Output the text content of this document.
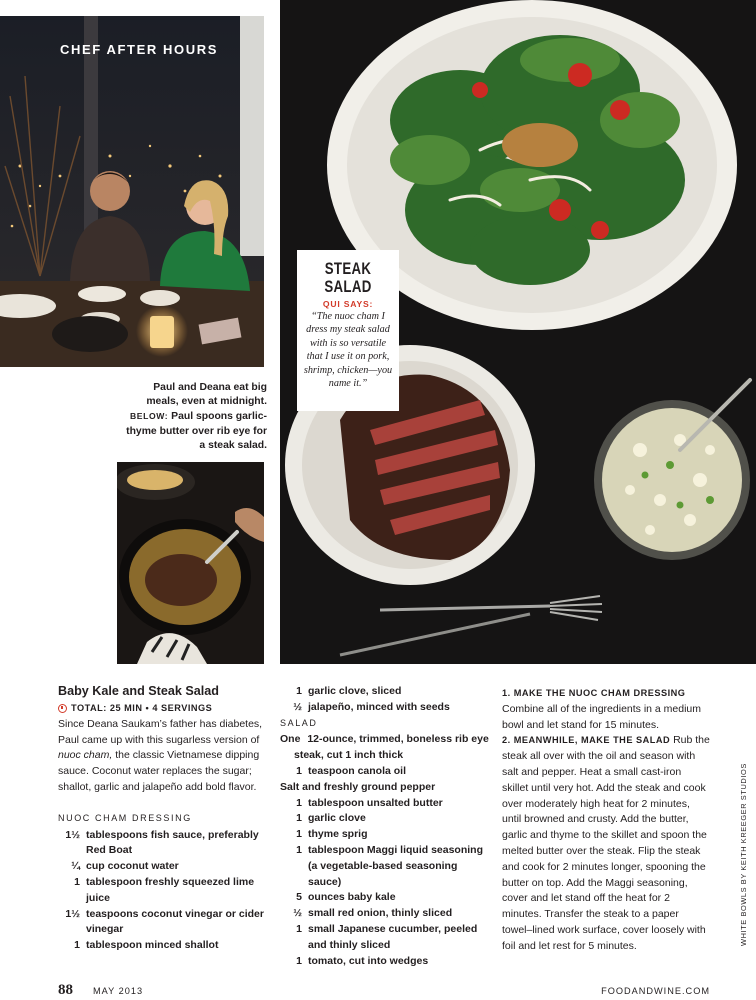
CHEF AFTER HOURS
STEAK
SALAD
QUI SAYS:
“The nuoc cham I dress my steak salad with is so versatile that I use it on pork, shrimp, chicken—you name it.”
Paul and Deana eat big meals, even at midnight. BELOW: Paul spoons garlic-thyme butter over rib eye for a steak salad.
Baby Kale and Steak Salad
TOTAL: 25 MIN • 4 SERVINGS
Since Deana Saukam’s father has diabetes, Paul came up with this sugarless version of nuoc cham, the classic Vietnamese dipping sauce. Coconut water replaces the sugar; shallot, garlic and jalapeño add bold flavor.
NUOC CHAM DRESSING
1½ tablespoons fish sauce, preferably Red Boat
¼ cup coconut water
1 tablespoon freshly squeezed lime juice
1½ teaspoons coconut vinegar or cider vinegar
1 tablespoon minced shallot
1 garlic clove, sliced
½ jalapeño, minced with seeds
SALAD
One 12-ounce, trimmed, boneless rib eye steak, cut 1 inch thick
1 teaspoon canola oil
Salt and freshly ground pepper
1 tablespoon unsalted butter
1 garlic clove
1 thyme sprig
1 tablespoon Maggi liquid seasoning (a vegetable-based seasoning sauce)
5 ounces baby kale
½ small red onion, thinly sliced
1 small Japanese cucumber, peeled and thinly sliced
1 tomato, cut into wedges
1. MAKE THE NUOC CHAM DRESSING Combine all of the ingredients in a medium bowl and let stand for 15 minutes.
2. MEANWHILE, MAKE THE SALAD Rub the steak all over with the oil and season with salt and pepper. Heat a small cast-iron skillet until very hot. Add the steak and cook over moderately high heat for 2 minutes, until browned and crusty. Add the butter, garlic and thyme to the skillet and spoon the melted butter over the steak. Flip the steak and cook for 2 minutes longer, spooning the butter on top. Add the Maggi seasoning, cover and let stand off the heat for 2 minutes. Transfer the steak to a paper towel–lined work surface, cover loosely with foil and let rest for 5 minutes.	WHITE BOWLS BY KEITH KREEGER STUDIOS
88 MAY 2013	FOODANDWINE.COM
